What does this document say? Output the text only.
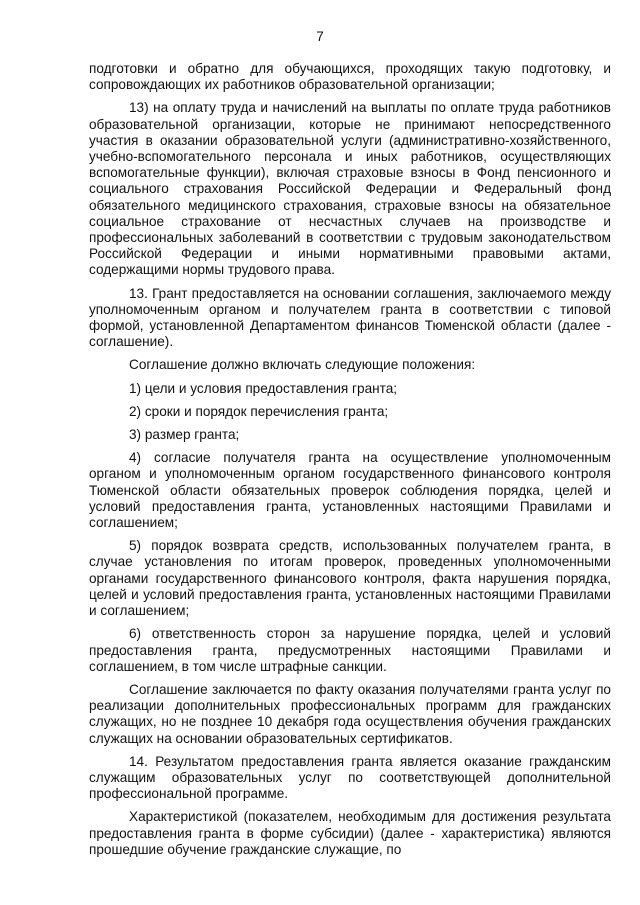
7

подготовки и обратно для обучающихся, проходящих такую подготовку, и сопровождающих их работников образовательной организации;

13) на оплату труда и начислений на выплаты по оплате труда работников образовательной организации, которые не принимают непосредственного участия в оказании образовательной услуги (административно-хозяйственного, учебно-вспомогательного персонала и иных работников, осуществляющих вспомогательные функции), включая страховые взносы в Фонд пенсионного и социального страхования Российской Федерации и Федеральный фонд обязательного медицинского страхования, страховые взносы на обязательное социальное страхование от несчастных случаев на производстве и профессиональных заболеваний в соответствии с трудовым законодательством Российской Федерации и иными нормативными правовыми актами, содержащими нормы трудового права.

13. Грант предоставляется на основании соглашения, заключаемого между уполномоченным органом и получателем гранта в соответствии с типовой формой, установленной Департаментом финансов Тюменской области (далее - соглашение).

Соглашение должно включать следующие положения:

1) цели и условия предоставления гранта;

2) сроки и порядок перечисления гранта;

3) размер гранта;

4) согласие получателя гранта на осуществление уполномоченным органом и уполномоченным органом государственного финансового контроля Тюменской области обязательных проверок соблюдения порядка, целей и условий предоставления гранта, установленных настоящими Правилами и соглашением;

5) порядок возврата средств, использованных получателем гранта, в случае установления по итогам проверок, проведенных уполномоченными органами государственного финансового контроля, факта нарушения порядка, целей и условий предоставления гранта, установленных настоящими Правилами и соглашением;

6) ответственность сторон за нарушение порядка, целей и условий предоставления гранта, предусмотренных настоящими Правилами и соглашением, в том числе штрафные санкции.

Соглашение заключается по факту оказания получателями гранта услуг по реализации дополнительных профессиональных программ для гражданских служащих, но не позднее 10 декабря года осуществления обучения гражданских служащих на основании образовательных сертификатов.

14. Результатом предоставления гранта является оказание гражданским служащим образовательных услуг по соответствующей дополнительной профессиональной программе.

Характеристикой (показателем, необходимым для достижения результата предоставления гранта в форме субсидии) (далее - характеристика) являются прошедшие обучение гражданские служащие, по
